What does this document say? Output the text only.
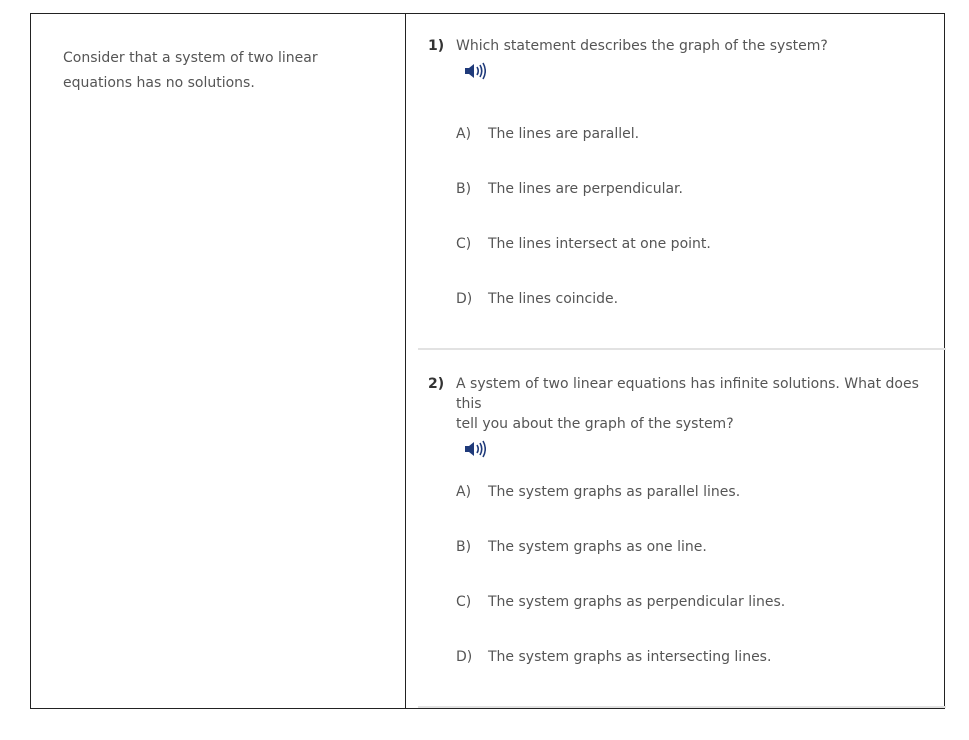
Consider that a system of two linear
equations has no solutions.
1) Which statement describes the graph of the system?
A) The lines are parallel.
B) The lines are perpendicular.
C) The lines intersect at one point.
D) The lines coincide.
2) A system of two linear equations has infinite solutions. What does this
tell you about the graph of the system?
A) The system graphs as parallel lines.
B) The system graphs as one line.
C) The system graphs as perpendicular lines.
D) The system graphs as intersecting lines.
